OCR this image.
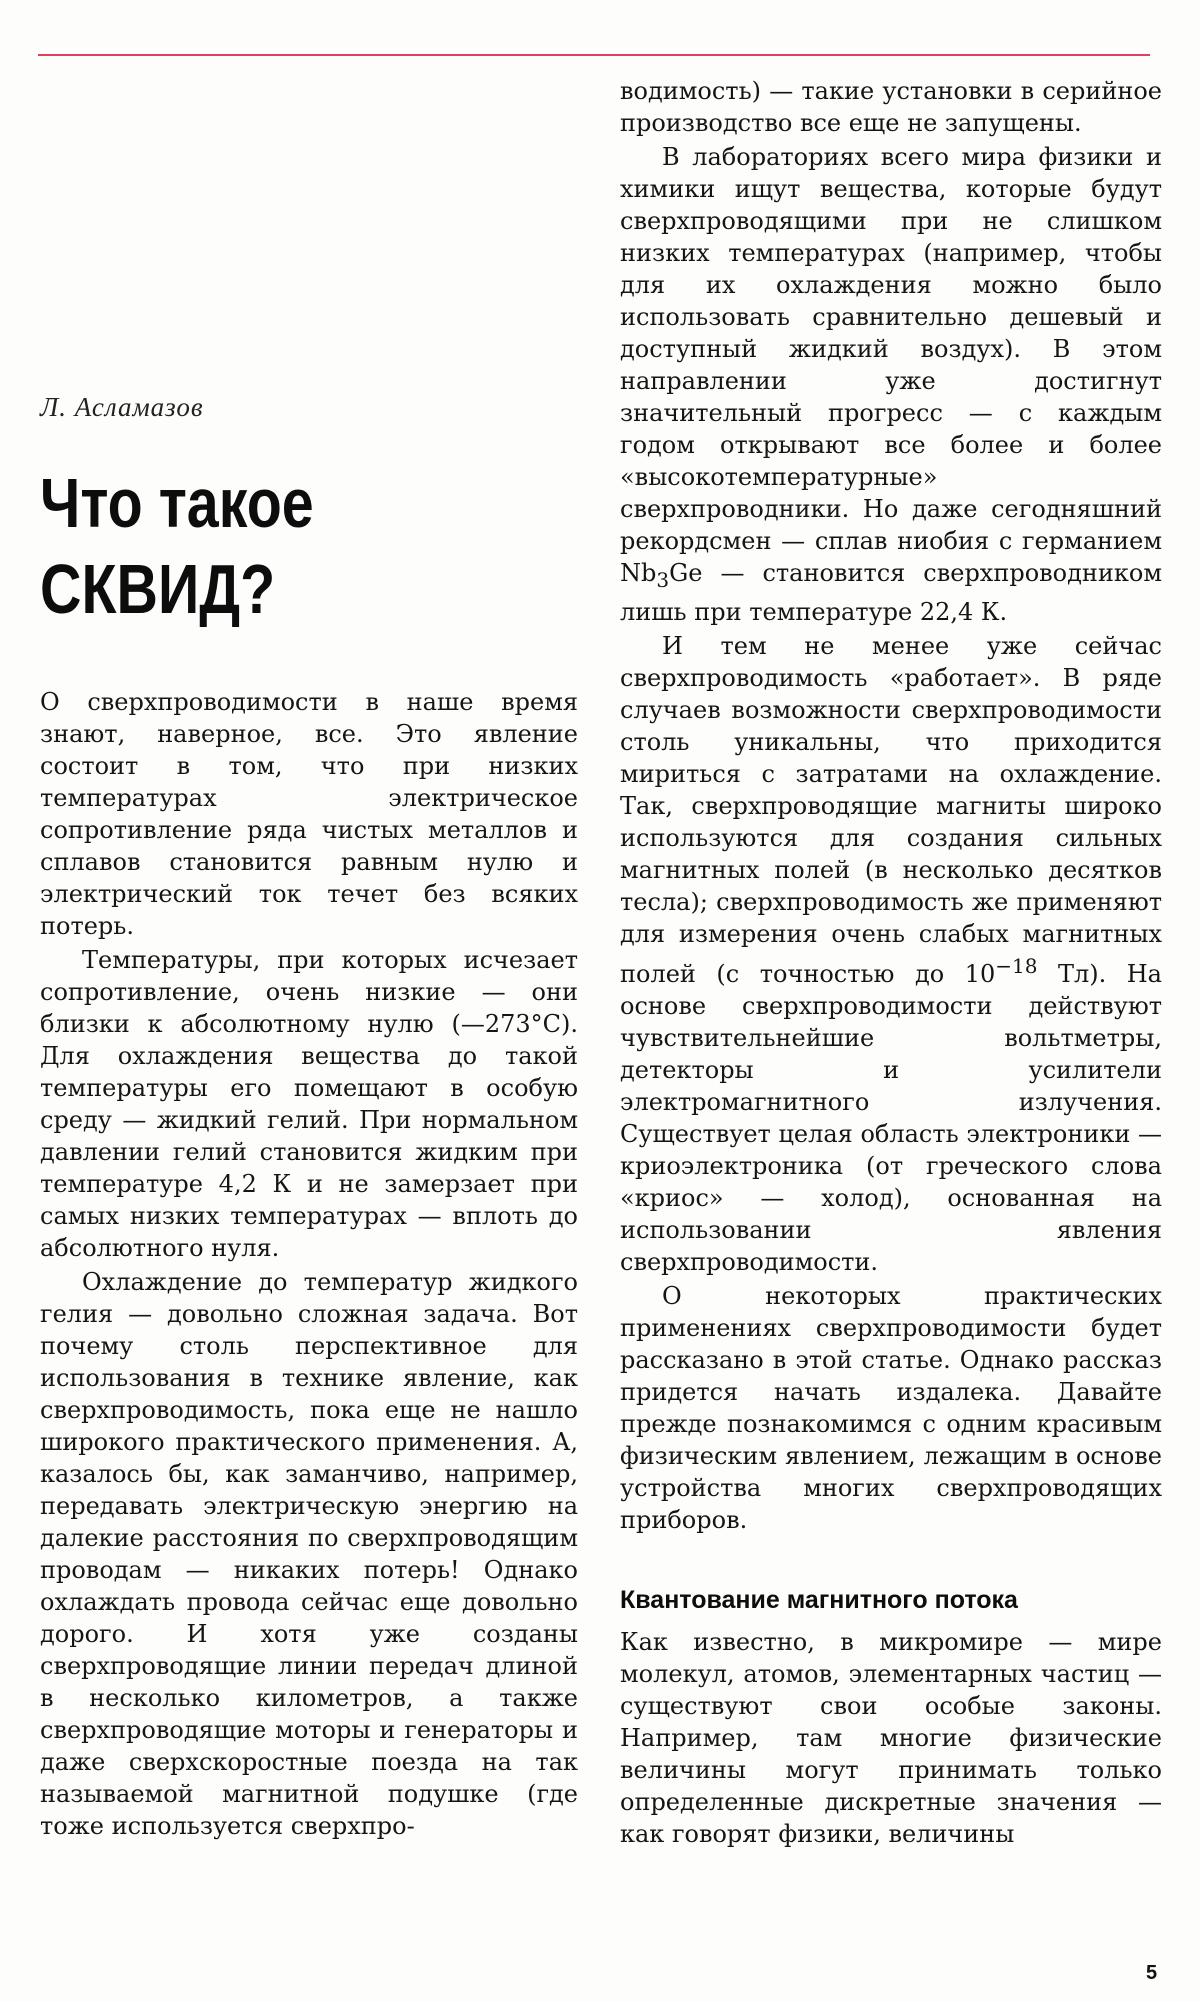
Л. Асламазов
Что такое
СКВИД?

О сверхпроводимости в наше время знают, наверное, все. Это явление состоит в том, что при низких температурах электрическое сопротивление ряда чистых металлов и сплавов становится равным нулю и электрический ток течет без всяких потерь.

Температуры, при которых исчезает сопротивление, очень низкие — они близки к абсолютному нулю (—273°С). Для охлаждения вещества до такой температуры его помещают в особую среду — жидкий гелий. При нормальном давлении гелий становится жидким при температуре 4,2 К и не замерзает при самых низких температурах — вплоть до абсолютного нуля.

Охлаждение до температур жидкого гелия — довольно сложная задача. Вот почему столь перспективное для использования в технике явление, как сверхпроводимость, пока еще не нашло широкого практического применения. А, казалось бы, как заманчиво, например, передавать электрическую энергию на далекие расстояния по сверхпроводящим проводам — никаких потерь! Однако охлаждать провода сейчас еще довольно дорого. И хотя уже созданы сверхпроводящие линии передач длиной в несколько километров, а также сверхпроводящие моторы и генераторы и даже сверхскоростные поезда на так называемой магнитной подушке (где тоже используется сверхпро-

водимость) — такие установки в серийное производство все еще не запущены.

В лабораториях всего мира физики и химики ищут вещества, которые будут сверхпроводящими при не слишком низких температурах (например, чтобы для их охлаждения можно было использовать сравнительно дешевый и доступный жидкий воздух). В этом направлении уже достигнут значительный прогресс — с каждым годом открывают все более и более «высокотемпературные» сверхпроводники. Но даже сегодняшний рекордсмен — сплав ниобия с германием $Nb_3Ge$ — становится сверхпроводником лишь при температуре 22,4 К.

И тем не менее уже сейчас сверхпроводимость «работает». В ряде случаев возможности сверхпроводимости столь уникальны, что приходится мириться с затратами на охлаждение. Так, сверхпроводящие магниты широко используются для создания сильных магнитных полей (в несколько десятков тесла); сверхпроводимость же применяют для измерения очень слабых магнитных полей (с точностью до $10^{-18}$ Тл). На основе сверхпроводимости действуют чувствительнейшие вольтметры, детекторы и усилители электромагнитного излучения. Существует целая область электроники — криоэлектроника (от греческого слова «криос» — холод), основанная на использовании явления сверхпроводимости.

О некоторых практических применениях сверхпроводимости будет рассказано в этой статье. Однако рассказ придется начать издалека. Давайте прежде познакомимся с одним красивым физическим явлением, лежащим в основе устройства многих сверхпроводящих приборов.

Квантование магнитного потока

Как известно, в микромире — мире молекул, атомов, элементарных частиц — существуют свои особые законы. Например, там многие физические величины могут принимать только определенные дискретные значения — как говорят физики, величины

5
